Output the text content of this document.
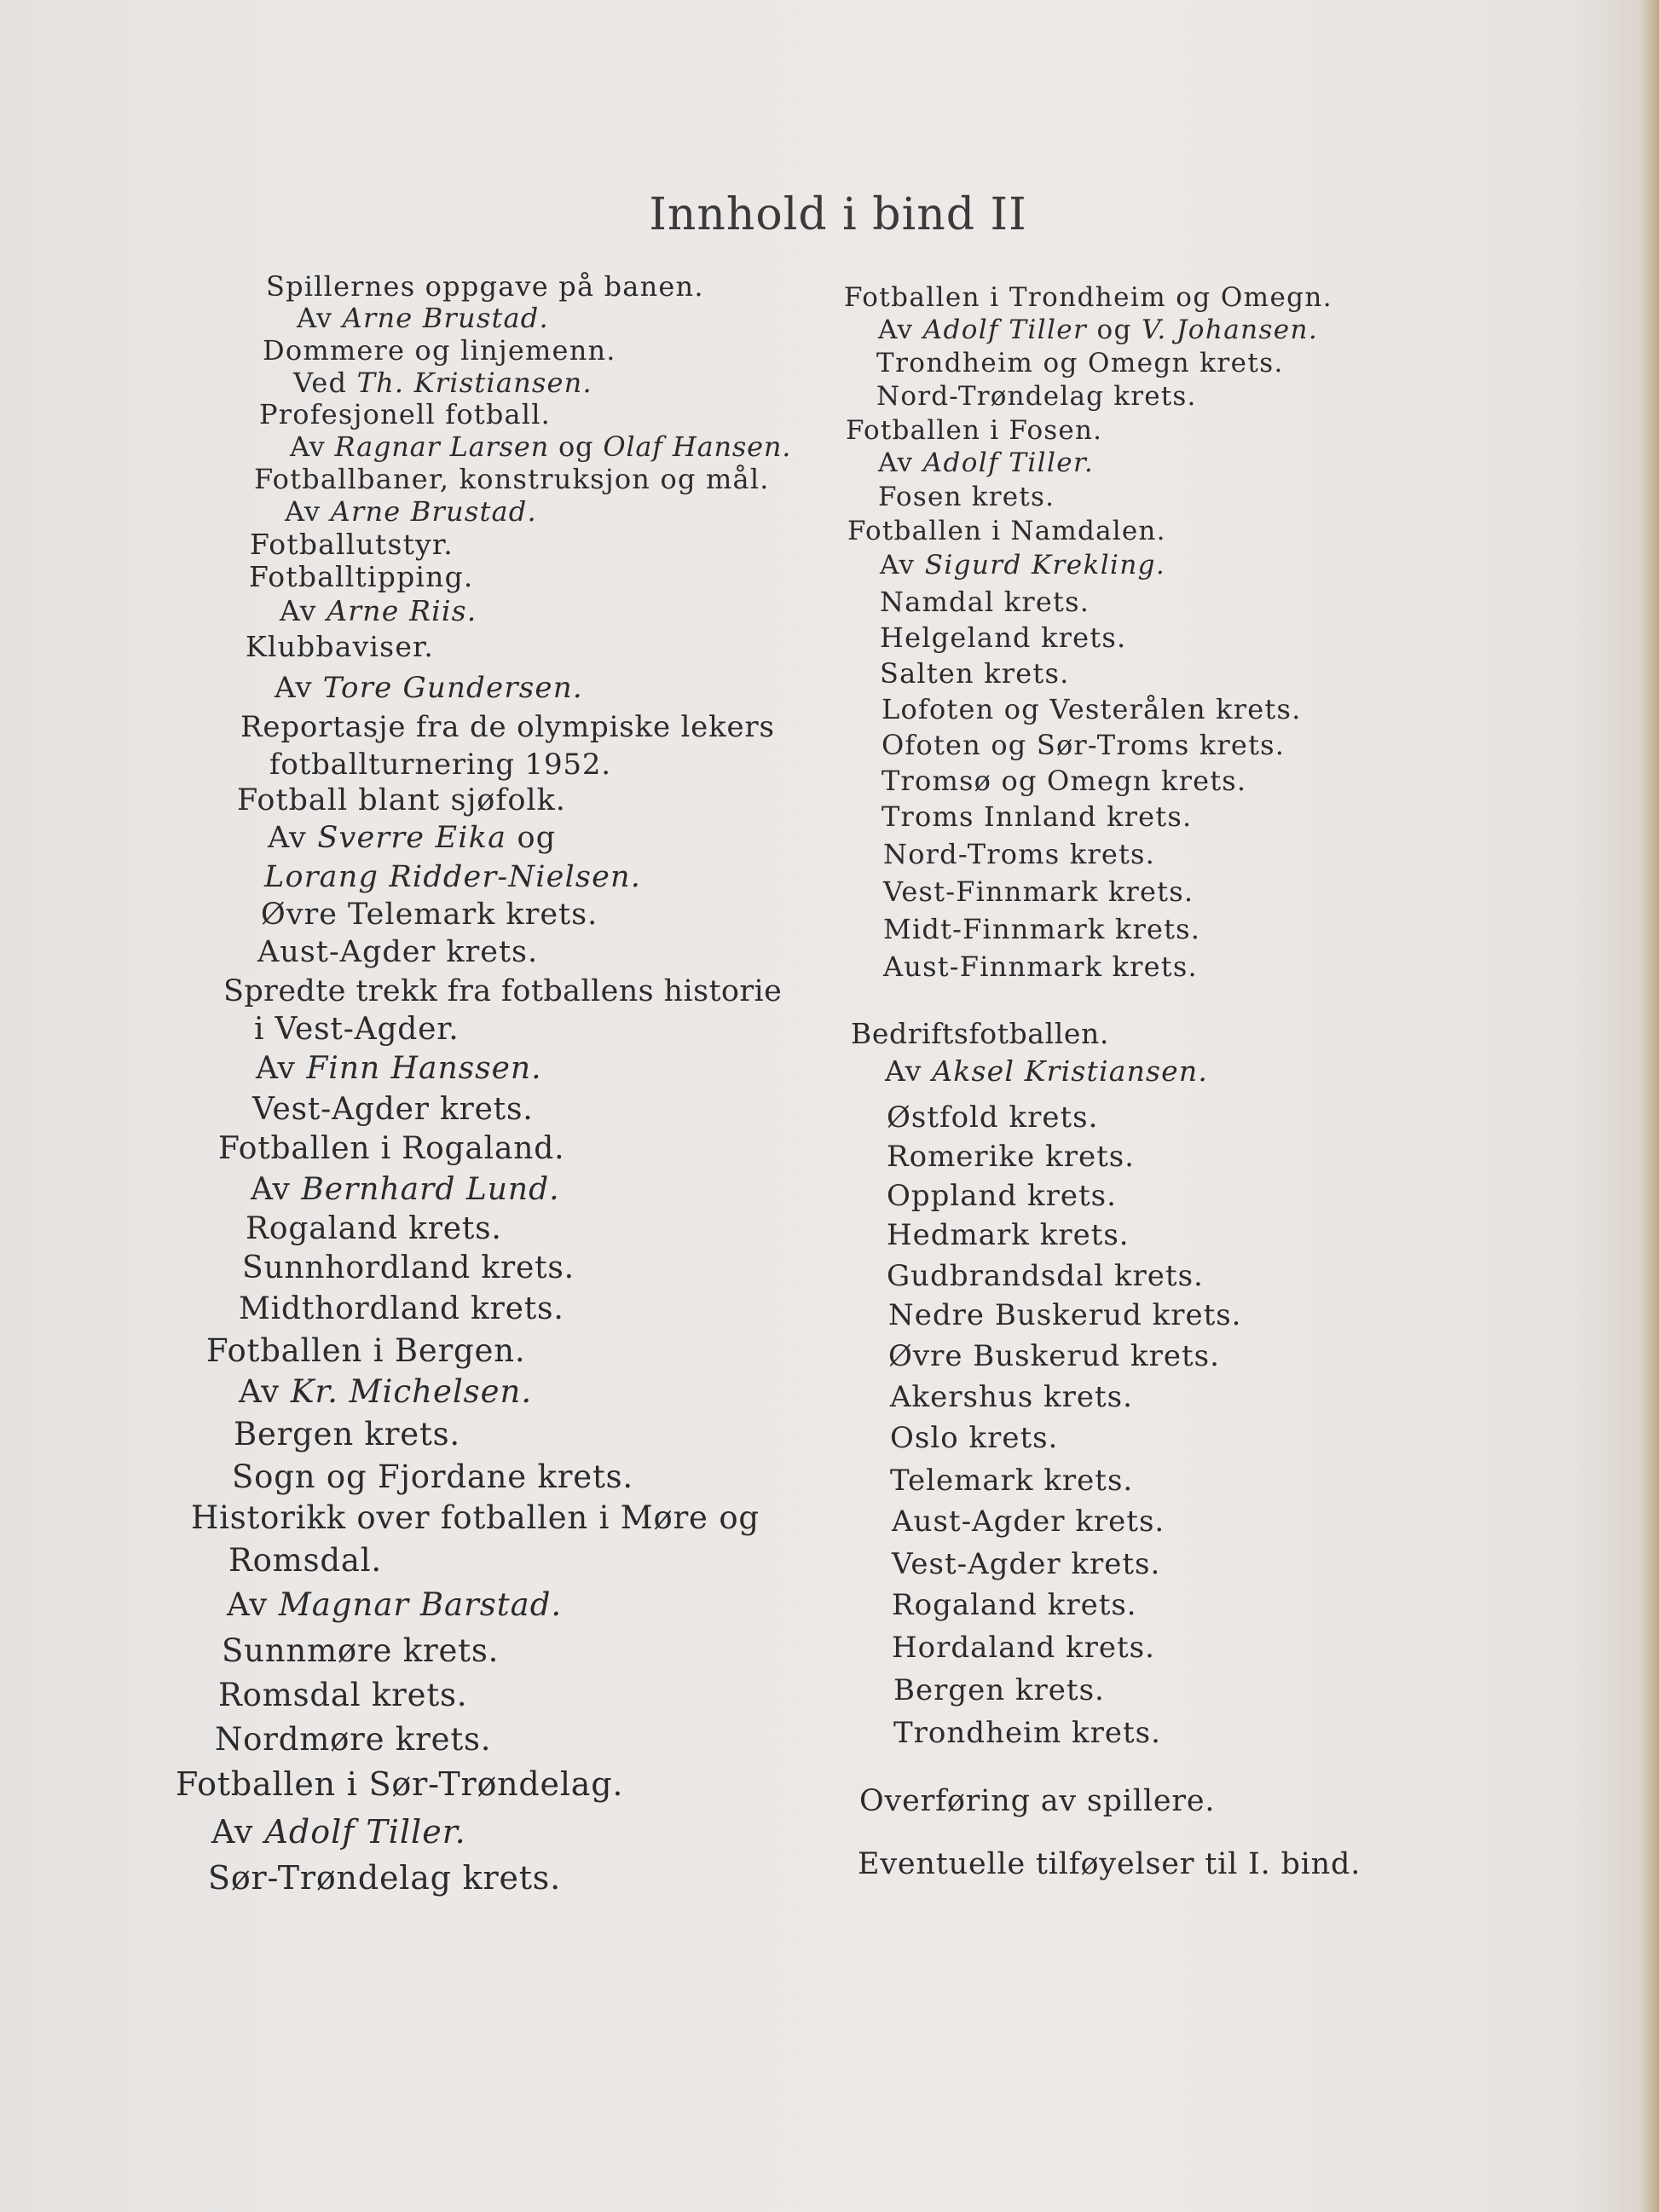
Innhold i bind II
Spillernes oppgave på banen.
Av Arne Brustad.
Dommere og linjemenn.
Ved Th. Kristiansen.
Profesjonell fotball.
Av Ragnar Larsen og Olaf Hansen.
Fotballbaner, konstruksjon og mål.
Av Arne Brustad.
Fotballutstyr.
Fotballtipping.
Av Arne Riis.
Klubbaviser.
Av Tore Gundersen.
Reportasje fra de olympiske lekers
fotballturnering 1952.
Fotball blant sjøfolk.
Av Sverre Eika og
Lorang Ridder-Nielsen.
Øvre Telemark krets.
Aust-Agder krets.
Spredte trekk fra fotballens historie
i Vest-Agder.
Av Finn Hanssen.
Vest-Agder krets.
Fotballen i Rogaland.
Av Bernhard Lund.
Rogaland krets.
Sunnhordland krets.
Midthordland krets.
Fotballen i Bergen.
Av Kr. Michelsen.
Bergen krets.
Sogn og Fjordane krets.
Historikk over fotballen i Møre og
Romsdal.
Av Magnar Barstad.
Sunnmøre krets.
Romsdal krets.
Nordmøre krets.
Fotballen i Sør-Trøndelag.
Av Adolf Tiller.
Sør-Trøndelag krets.
Fotballen i Trondheim og Omegn.
Av Adolf Tiller og V. Johansen.
Trondheim og Omegn krets.
Nord-Trøndelag krets.
Fotballen i Fosen.
Av Adolf Tiller.
Fosen krets.
Fotballen i Namdalen.
Av Sigurd Krekling.
Namdal krets.
Helgeland krets.
Salten krets.
Lofoten og Vesterålen krets.
Ofoten og Sør-Troms krets.
Tromsø og Omegn krets.
Troms Innland krets.
Nord-Troms krets.
Vest-Finnmark krets.
Midt-Finnmark krets.
Aust-Finnmark krets.
Bedriftsfotballen.
Av Aksel Kristiansen.
Østfold krets.
Romerike krets.
Oppland krets.
Hedmark krets.
Gudbrandsdal krets.
Nedre Buskerud krets.
Øvre Buskerud krets.
Akershus krets.
Oslo krets.
Telemark krets.
Aust-Agder krets.
Vest-Agder krets.
Rogaland krets.
Hordaland krets.
Bergen krets.
Trondheim krets.
Overføring av spillere.
Eventuelle tilføyelser til I. bind.
